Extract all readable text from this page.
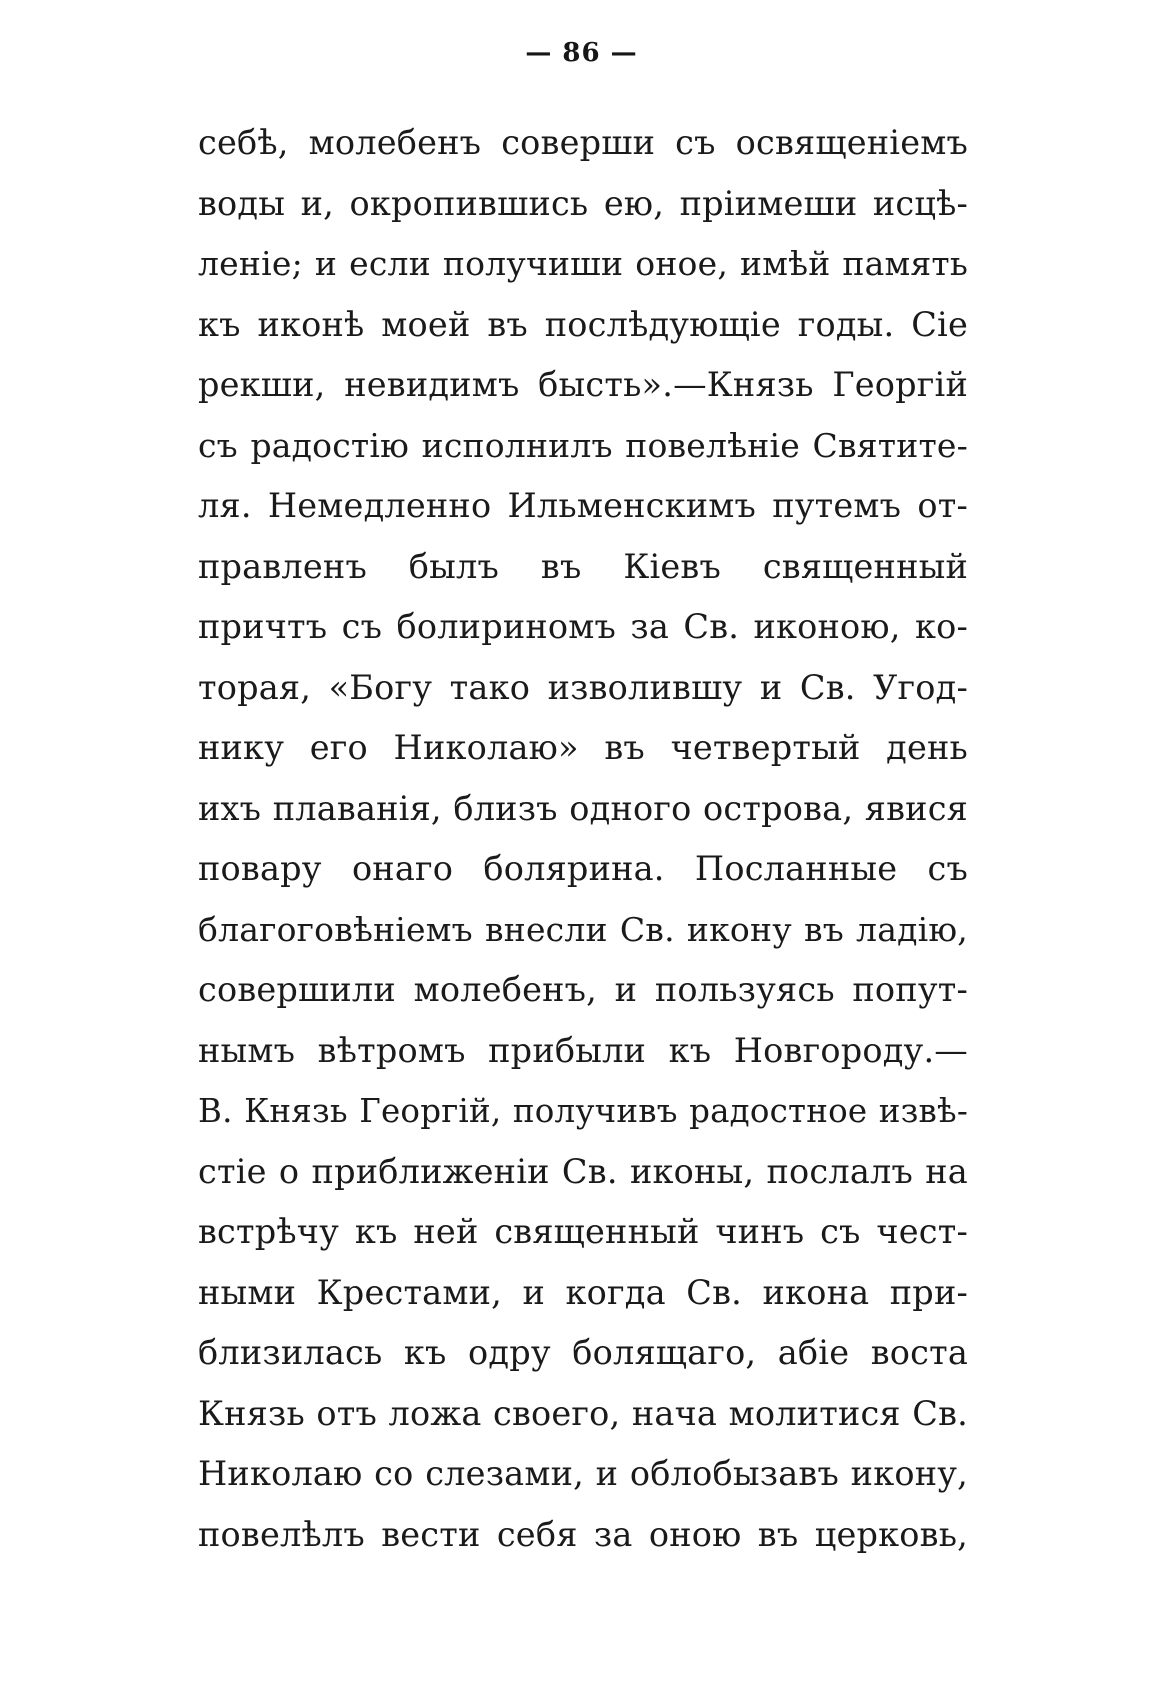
— 86 —
себѣ, молебенъ соверши съ освященіемъ
воды и, окропившись ею, пріимеши исцѣ-
леніе; и если получиши оное, имѣй память
къ иконѣ моей въ послѣдующіе годы. Сіе
рекши, невидимъ бысть».—Князь Георгій
съ радостію исполнилъ повелѣніе Святите-
ля. Немедленно Ильменскимъ путемъ от-
правленъ былъ въ Кіевъ священный
причтъ съ болириномъ за Св. иконою, ко-
торая, «Богу тако изволившу и Св. Угод-
нику его Николаю» въ четвертый день
ихъ плаванія, близъ одного острова, явися
повару онаго болярина. Посланные съ
благоговѣніемъ внесли Св. икону въ ладію,
совершили молебенъ, и пользуясь попут-
нымъ вѣтромъ прибыли къ Новгороду.—
В. Князь Георгій, получивъ радостное извѣ-
стіе о приближеніи Св. иконы, послалъ на
встрѣчу къ ней священный чинъ съ чест-
ными Крестами, и когда Св. икона при-
близилась къ одру болящаго, абіе воста
Князь отъ ложа своего, нача молитися Св.
Николаю со слезами, и облобызавъ икону,
повелѣлъ вести себя за оною въ церковь,
